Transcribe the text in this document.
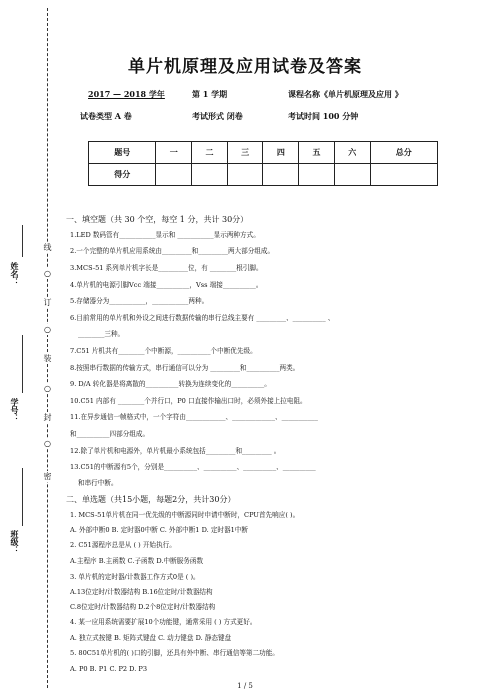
线
○
订
○
装
○
封
○
密
姓名：
学号：
班级：
单片机原理及应用试卷及答案
2017 — 2018 学年	第 1 学期	课程名称《单片机原理及应用 》
试卷类型 A 卷	考试形式 闭卷	考试时间 100 分钟
题号	一	二	三	四	五	六	总分
得分							
一、填空题（共 30 个空，每空 1 分，共计 30分）
1.LED 数码管有___________显示和 ___________显示两种方式。
2.一个完整的单片机应用系统由_________和_________两大部分组成。
3.MCS-51 系列单片机字长是_________位，有 ________根引脚。
4.单片机的电源引脚Vcc 端接__________，Vss 端接__________。
5.存储器分为___________，___________两种。
6.目前常用的单片机和外设之间进行数据传输的串行总线主要有 _________、__________ 、
________三种。
7.C51 片机共有________个中断源，__________个中断优先级。
8.按照串行数据的传输方式，串行通信可以分为 _________和__________两类。
9. D/A 转化器是将离散的__________转换为连续变化的__________。
10.C51 内部有 ________个并行口，P0 口直接作输出口时，必须外接上拉电阻。
11.在异步通信一帧格式中，一个字符由____________、_____________、___________
和__________四部分组成。
12.除了单片机和电源外，单片机最小系统包括_________和_________ 。
13.C51的中断源有5个，分别是__________、__________、__________、__________
和串行中断。
二、单选题（共15小题，每题2分，共计30分）
1. MCS-51单片机在同一优先级的中断源同时申请中断时，CPU首先响应( )。
A. 外部中断0 B. 定时器0中断 C. 外部中断1 D. 定时器1中断
2. C51源程序总是从 ( ) 开始执行。
A.主程序 B.主函数 C.子函数 D.中断服务函数
3. 单片机的定时器/计数器工作方式0是 ( )。
A.13位定时/计数器结构 B.16位定时/计数器结构
C.8位定时/计数器结构 D.2个8位定时/计数器结构
4. 某一应用系统需要扩展10个功能键，通常采用 ( ) 方式更好。
A. 独立式按键 B. 矩阵式键盘 C. 动力键盘 D. 静态键盘
5. 80C51单片机的( )口的引脚，还具有外中断、串行通信等第二功能。
A. P0 B. P1 C. P2 D. P3
1 / 5
